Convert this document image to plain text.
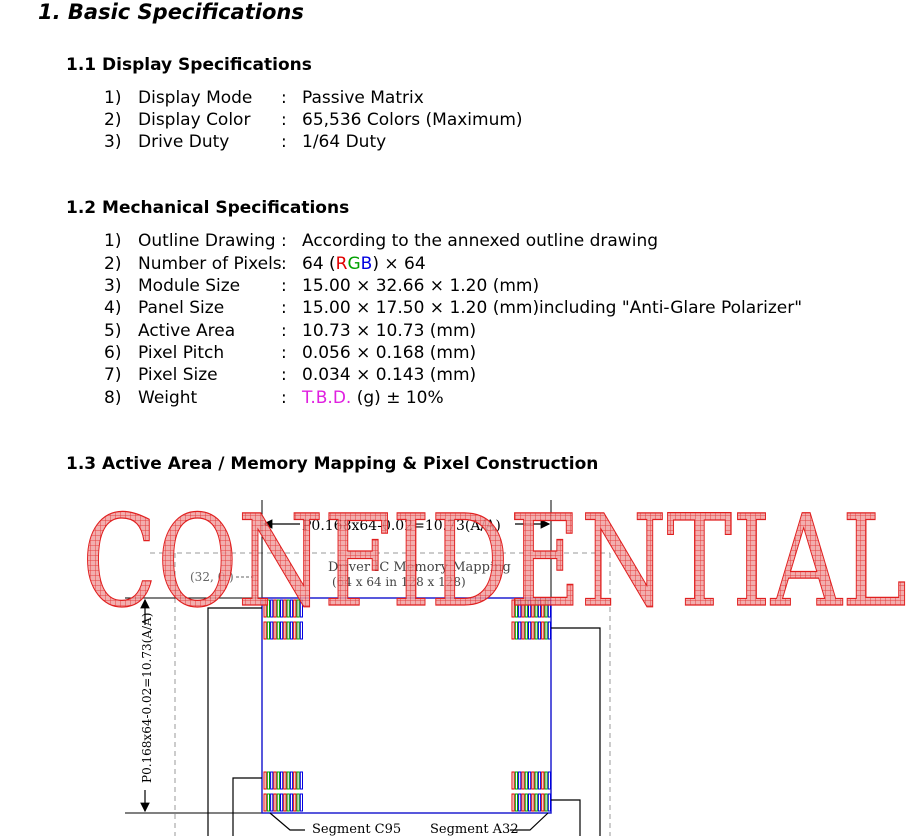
1. Basic Specifications
1.1 Display Specifications
1) Display Mode : Passive Matrix
2) Display Color : 65,536 Colors (Maximum)
3) Drive Duty	: 1/64 Duty
1.2 Mechanical Specifications
1) Outline Drawing : According to the annexed outline drawing
2) Number of Pixels : 64 (RGB) × 64
3) Module Size : 15.00 × 32.66 × 1.20 (mm)
4) Panel Size	: 15.00 × 17.50 × 1.20 (mm) including "Anti-Glare Polarizer"
5) Active Area	: 10.73 × 10.73 (mm)
6) Pixel Pitch	: 0.056 × 0.168 (mm)
7) Pixel Size	: 0.034 × 0.143 (mm)
8) Weight	: T.B.D. (g) ± 10%
1.3 Active Area / Memory Mapping & Pixel Construction
P0.168x64-0.02=10.73(A/A)
P0.168x64-0.02=10.73(A/A)
Driver IC Memory Mapping
(64 x 64 in 128 x 128)
(32, 0 )
Segment C95 Segment A32
CONFIDENTIAL
